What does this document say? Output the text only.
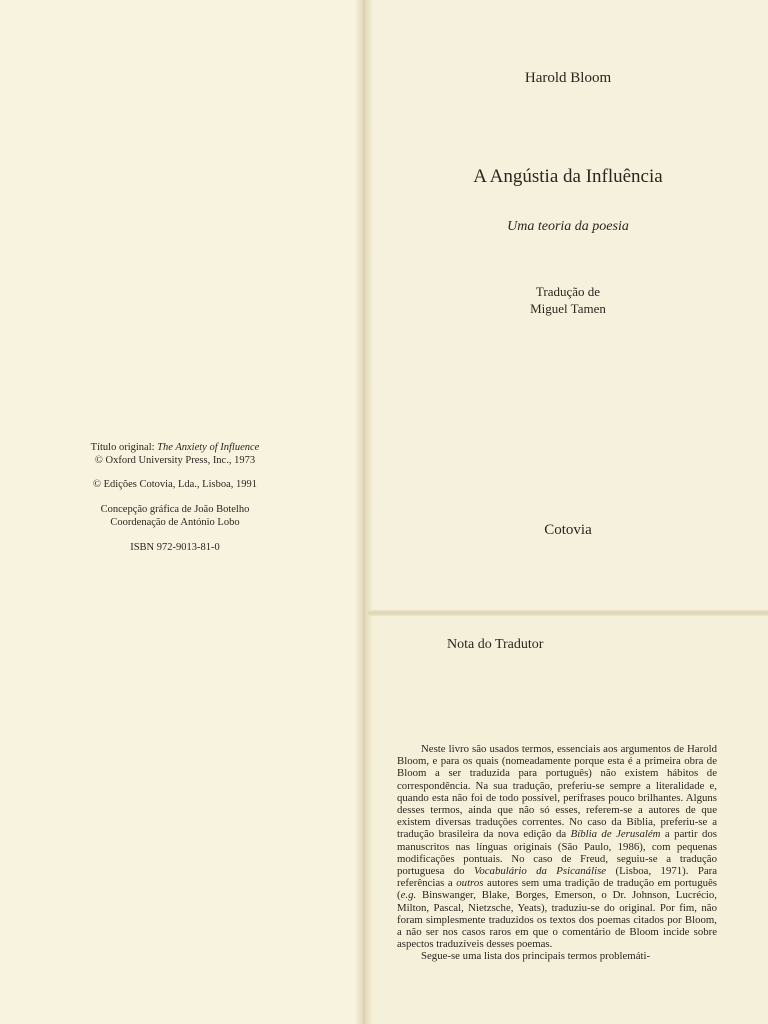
Título original: The Anxiety of Influence
© Oxford University Press, Inc., 1973
© Edições Cotovia, Lda., Lisboa, 1991
Concepção gráfica de João Botelho
Coordenação de António Lobo
ISBN 972-9013-81-0
Harold Bloom
A Angústia da Influência
Uma teoria da poesia
Tradução de
Miguel Tamen
Cotovia
Nota do Tradutor

Neste livro são usados termos, essenciais aos argumentos de Harold Bloom, e para os quais (nomeadamente porque esta é a primeira obra de Bloom a ser traduzida para português) não existem hábitos de correspondência. Na sua tradução, preferiu-se sempre a literalidade e, quando esta não foi de todo possível, perífrases pouco brilhantes. Alguns desses termos, ainda que não só esses, referem-se a autores de que existem diversas traduções correntes. No caso da Bíblia, preferiu-se a tradução brasileira da nova edição da Bíblia de Jerusalém a partir dos manuscritos nas línguas originais (São Paulo, 1986), com pequenas modificações pontuais. No caso de Freud, seguiu-se a tradução portuguesa do Vocabulário da Psicanálise (Lisboa, 1971). Para referências a outros autores sem uma tradição de tradução em português (e.g. Binswanger, Blake, Borges, Emerson, o Dr. Johnson, Lucrécio, Milton, Pascal, Nietzsche, Yeats), traduziu-se do original. Por fim, não foram simplesmente traduzidos os textos dos poemas citados por Bloom, a não ser nos casos raros em que o comentário de Bloom incide sobre aspectos traduzíveis desses poemas.

Segue-se uma lista dos principais termos problemáti-
